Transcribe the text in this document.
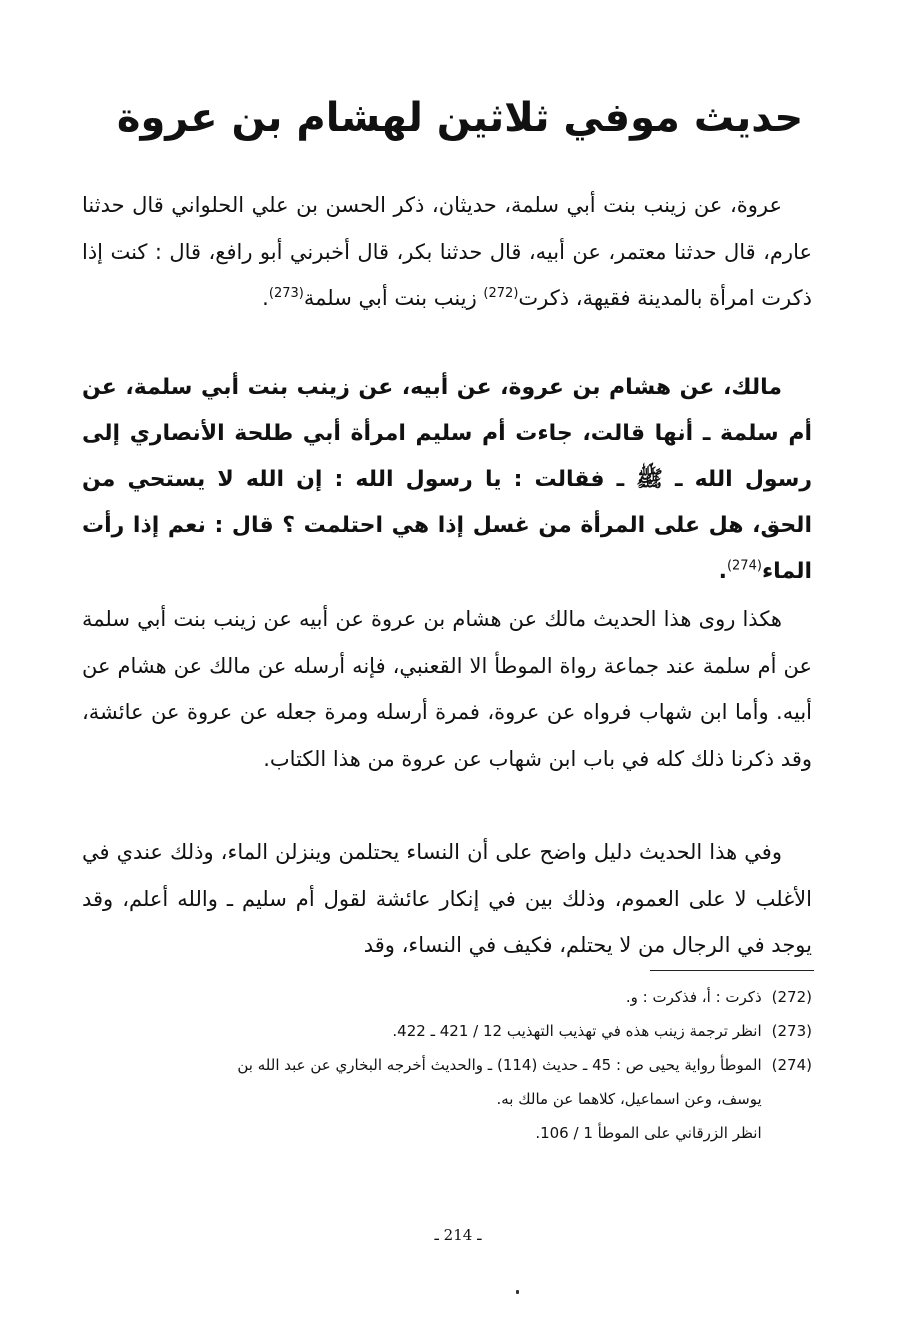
حديث موفي ثلاثين لهشام بن عروة
عروة، عن زينب بنت أبي سلمة، حديثان، ذكر الحسن بن علي الحلواني قال حدثنا عارم، قال حدثنا معتمر، عن أبيه، قال حدثنا بكر، قال أخبرني أبو رافع، قال : كنت إذا ذكرت امرأة بالمدينة فقيهة، ذكرت$^{(272)}$ زينب بنت أبي سلمة$^{(273)}$.
مالك، عن هشام بن عروة، عن أبيه، عن زينب بنت أبي سلمة، عن أم سلمة ـ أنها قالت، جاءت أم سليم امرأة أبي طلحة الأنصاري إلى رسول الله ـ ﷺ ـ فقالت : يا رسول الله : إن الله لا يستحي من الحق، هل على المرأة من غسل إذا هي احتلمت ؟ قال : نعم إذا رأت الماء$^{(274)}$.
هكذا روى هذا الحديث مالك عن هشام بن عروة عن أبيه عن زينب بنت أبي سلمة عن أم سلمة عند جماعة رواة الموطأ الا القعنبي، فإنه أرسله عن مالك عن هشام عن أبيه. وأما ابن شهاب فرواه عن عروة، فمرة أرسله ومرة جعله عن عروة عن عائشة، وقد ذكرنا ذلك كله في باب ابن شهاب عن عروة من هذا الكتاب.
وفي هذا الحديث دليل واضح على أن النساء يحتلمن وينزلن الماء، وذلك عندي في الأغلب لا على العموم، وذلك بين في إنكار عائشة لقول أم سليم ـ والله أعلم، وقد يوجد في الرجال من لا يحتلم، فكيف في النساء، وقد
(272)
ذكرت : أ، فذكرت : و.
(273)
انظر ترجمة زينب هذه في تهذيب التهذيب 12 / 421 ـ 422.
(274)
الموطأ رواية يحيى ص : 45 ـ حديث (114) ـ والحديث أخرجه البخاري عن عبد الله بن
يوسف، وعن اسماعيل، كلاهما عن مالك به.
انظر الزرقاني على الموطأ 1 / 106.
ـ 214 ـ
